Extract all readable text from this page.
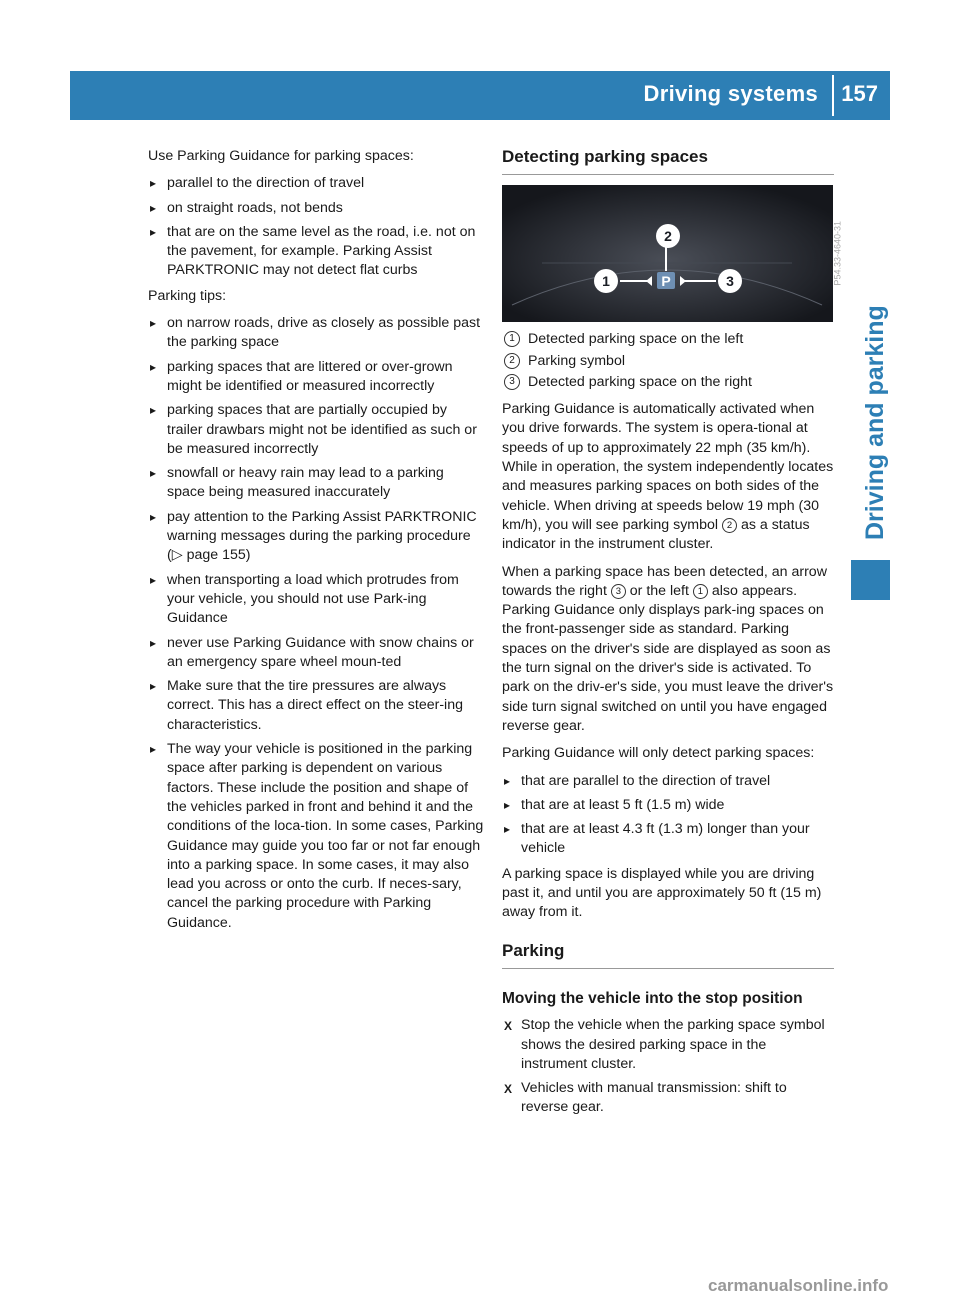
Driving systems 157
Driving and parking

Use Parking Guidance for parking spaces:

▸ parallel to the direction of travel
▸ on straight roads, not bends
▸ that are on the same level as the road, i.e. not on the pavement, for example. Parking Assist PARKTRONIC may not detect flat curbs

Parking tips:

▸ on narrow roads, drive as closely as possible past the parking space
▸ parking spaces that are littered or over-grown might be identified or measured incorrectly
▸ parking spaces that are partially occupied by trailer drawbars might not be identified as such or be measured incorrectly
▸ snowfall or heavy rain may lead to a parking space being measured inaccurately
▸ pay attention to the Parking Assist PARKTRONIC warning messages during the parking procedure (▷ page 155)
▸ when transporting a load which protrudes from your vehicle, you should not use Park-ing Guidance
▸ never use Parking Guidance with snow chains or an emergency spare wheel moun-ted
▸ Make sure that the tire pressures are always correct. This has a direct effect on the steer-ing characteristics.
▸ The way your vehicle is positioned in the parking space after parking is dependent on various factors. These include the position and shape of the vehicles parked in front and behind it and the conditions of the loca-tion. In some cases, Parking Guidance may guide you too far or not far enough into a parking space. In some cases, it may also lead you across or onto the curb. If neces-sary, cancel the parking procedure with Parking Guidance.
Detecting parking spaces
P
1
2
3	P54.33-4640-31
1 Detected parking space on the left
2 Parking symbol
3 Detected parking space on the right

Parking Guidance is automatically activated when you drive forwards. The system is opera-tional at speeds of up to approximately 22 mph (35 km/h). While in operation, the system independently locates and measures parking spaces on both sides of the vehicle. When driving at speeds below 19 mph (30 km/h), you will see parking symbol 2 as a status indicator in the instrument cluster.

When a parking space has been detected, an arrow towards the right 3 or the left 1 also appears. Parking Guidance only displays park-ing spaces on the front-passenger side as standard. Parking spaces on the driver's side are displayed as soon as the turn signal on the driver's side is activated. To park on the driv-er's side, you must leave the driver's side turn signal switched on until you have engaged reverse gear.

Parking Guidance will only detect parking spaces:

▸ that are parallel to the direction of travel
▸ that are at least 5 ft (1.5 m) wide
▸ that are at least 4.3 ft (1.3 m) longer than your vehicle

A parking space is displayed while you are driving past it, and until you are approximately 50 ft (15 m) away from it.

Parking
Moving the vehicle into the stop position
X Stop the vehicle when the parking space symbol shows the desired parking space in the instrument cluster.
X Vehicles with manual transmission: shift to reverse gear.
carmanualsonline.info
